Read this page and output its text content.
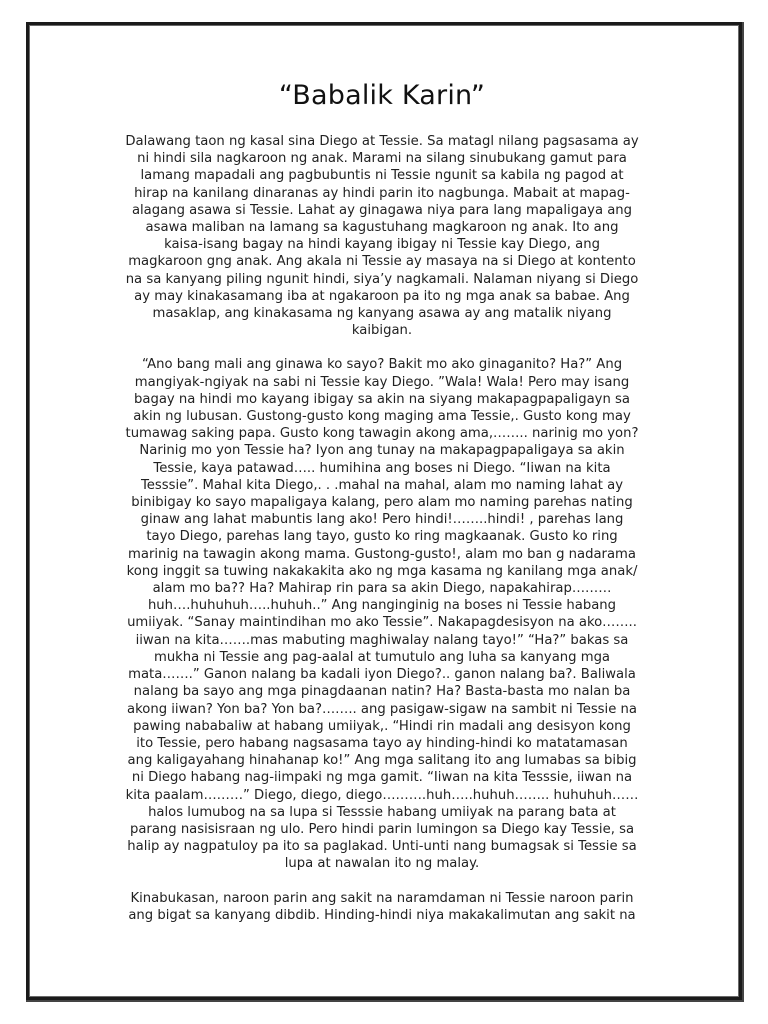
“Babalik Karin”

Dalawang taon ng kasal sina Diego at Tessie. Sa matagl nilang pagsasama ay
ni hindi sila nagkaroon ng anak. Marami na silang sinubukang gamut para
lamang mapadali ang pagbubuntis ni Tessie ngunit sa kabila ng pagod at
hirap na kanilang dinaranas ay hindi parin ito nagbunga. Mabait at mapag-
alagang asawa si Tessie. Lahat ay ginagawa niya para lang mapaligaya ang
asawa maliban na lamang sa kagustuhang magkaroon ng anak. Ito ang
kaisa-isang bagay na hindi kayang ibigay ni Tessie kay Diego, ang
magkaroon gng anak. Ang akala ni Tessie ay masaya na si Diego at kontento
na sa kanyang piling ngunit hindi, siya’y nagkamali. Nalaman niyang si Diego
ay may kinakasamang iba at ngakaroon pa ito ng mga anak sa babae. Ang
masaklap, ang kinakasama ng kanyang asawa ay ang matalik niyang
kaibigan.

“Ano bang mali ang ginawa ko sayo? Bakit mo ako ginaganito? Ha?” Ang
mangiyak-ngiyak na sabi ni Tessie kay Diego. ”Wala! Wala! Pero may isang
bagay na hindi mo kayang ibigay sa akin na siyang makapagpapaligayn sa
akin ng lubusan. Gustong-gusto kong maging ama Tessie,. Gusto kong may
tumawag saking papa. Gusto kong tawagin akong ama,…….. narinig mo yon?
Narinig mo yon Tessie ha? Iyon ang tunay na makapagpapaligaya sa akin
Tessie, kaya patawad….. humihina ang boses ni Diego. “Iiwan na kita
Tesssie”. Mahal kita Diego,. . .mahal na mahal, alam mo naming lahat ay
binibigay ko sayo mapaligaya kalang, pero alam mo naming parehas nating
ginaw ang lahat mabuntis lang ako! Pero hindi!……..hindi! , parehas lang
tayo Diego, parehas lang tayo, gusto ko ring magkaanak. Gusto ko ring
marinig na tawagin akong mama. Gustong-gusto!, alam mo ban g nadarama
kong inggit sa tuwing nakakakita ako ng mga kasama ng kanilang mga anak/
alam mo ba?? Ha? Mahirap rin para sa akin Diego, napakahirap………
huh….huhuhuh…..huhuh..” Ang nanginginig na boses ni Tessie habang
umiiyak. “Sanay maintindihan mo ako Tessie”. Nakapagdesisyon na ako……..
iiwan na kita…….mas mabuting maghiwalay nalang tayo!” “Ha?” bakas sa
mukha ni Tessie ang pag-aalal at tumutulo ang luha sa kanyang mga
mata…….” Ganon nalang ba kadali iyon Diego?.. ganon nalang ba?. Baliwala
nalang ba sayo ang mga pinagdaanan natin? Ha? Basta-basta mo nalan ba
akong iiwan? Yon ba? Yon ba?…….. ang pasigaw-sigaw na sambit ni Tessie na
pawing nababaliw at habang umiiyak,. “Hindi rin madali ang desisyon kong
ito Tessie, pero habang nagsasama tayo ay hinding-hindi ko matatamasan
ang kaligayahang hinahanap ko!” Ang mga salitang ito ang lumabas sa bibig
ni Diego habang nag-iimpaki ng mga gamit. “Iiwan na kita Tesssie, iiwan na
kita paalam………” Diego, diego, diego……….huh…..huhuh…….. huhuhuh……
halos lumubog na sa lupa si Tesssie habang umiiyak na parang bata at
parang nasisisraan ng ulo. Pero hindi parin lumingon sa Diego kay Tessie, sa
halip ay nagpatuloy pa ito sa paglakad. Unti-unti nang bumagsak si Tessie sa
lupa at nawalan ito ng malay.

Kinabukasan, naroon parin ang sakit na naramdaman ni Tessie naroon parin
ang bigat sa kanyang dibdib. Hinding-hindi niya makakalimutan ang sakit na
